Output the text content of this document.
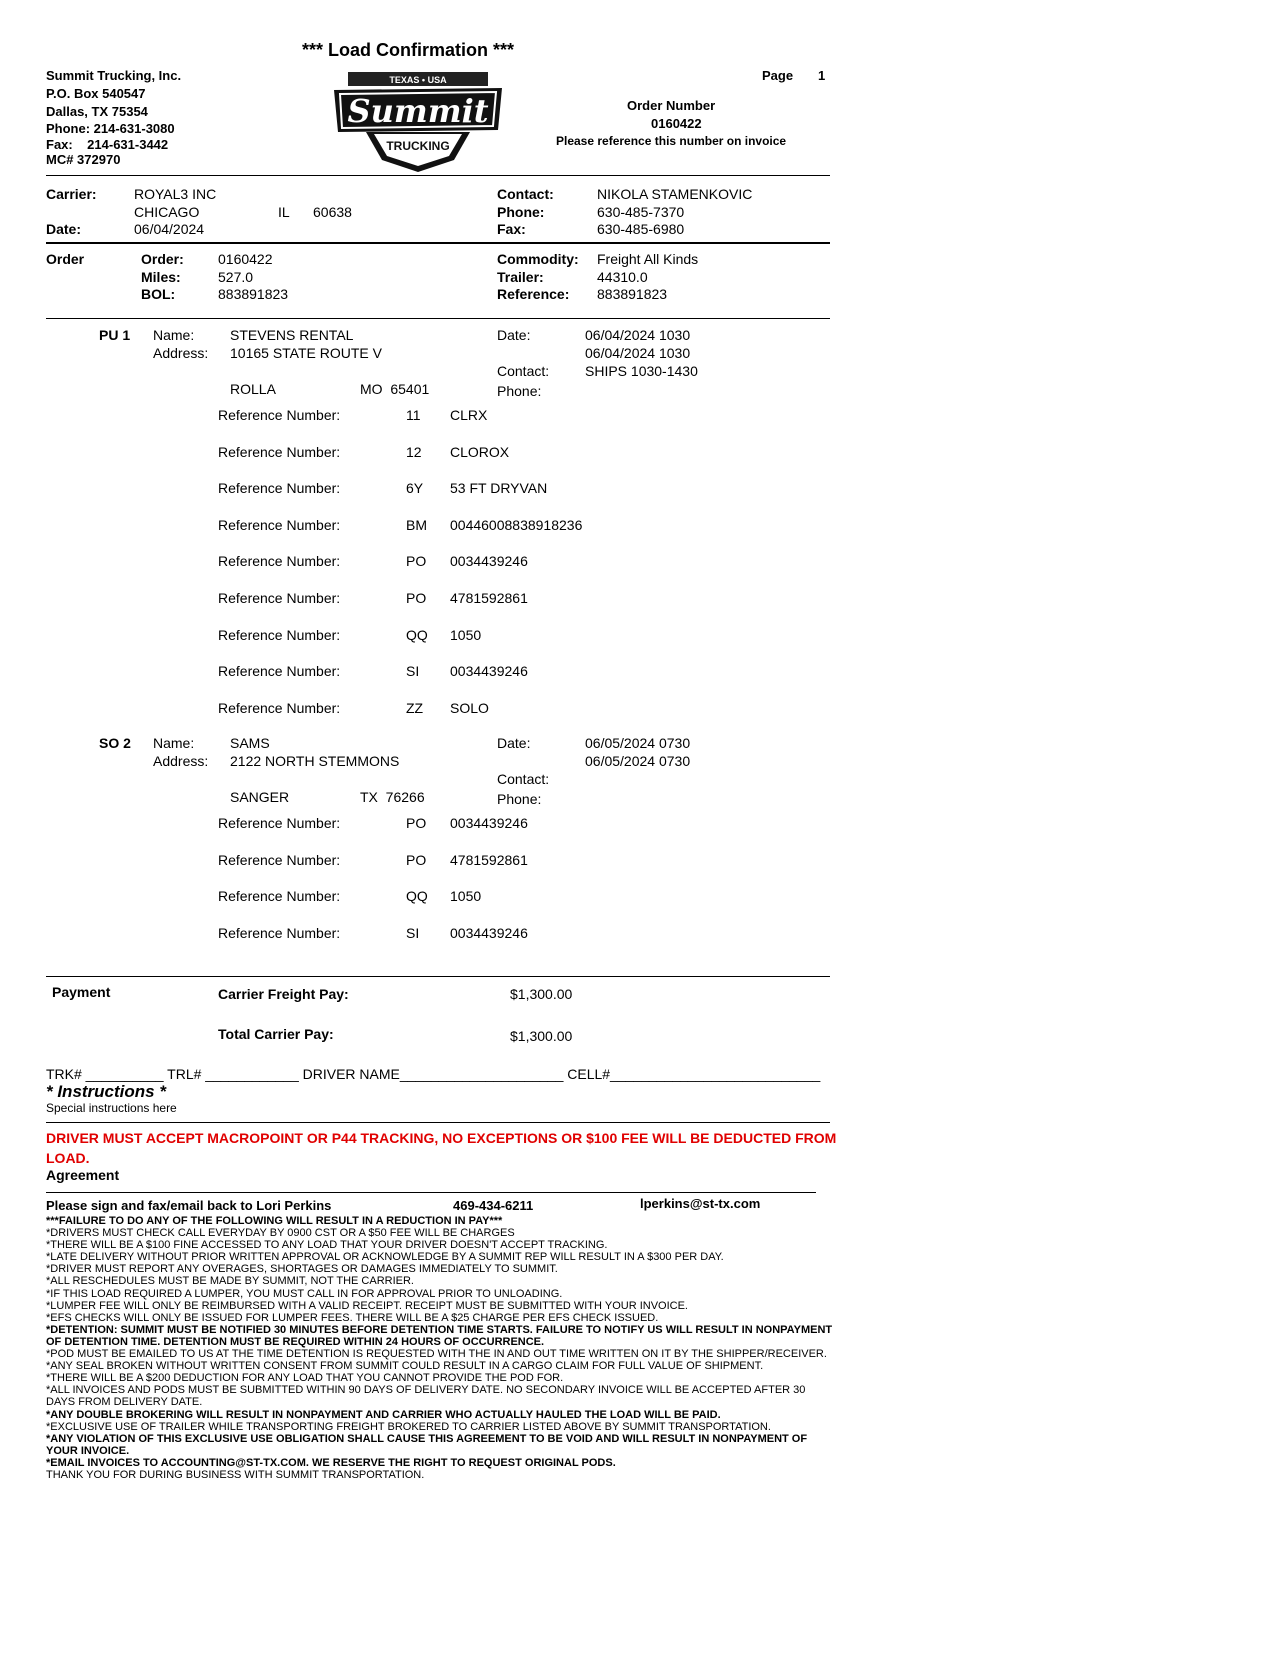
*** Load Confirmation ***
Summit Trucking, Inc.
P.O. Box 540547
Dallas, TX 75354
Phone: 214-631-3080
Fax:    214-631-3442
MC# 372970
TEXAS • USA
Summit
TRUCKING
Page 1
Order Number
0160422
Please reference this number on invoice
Carrier:	ROYAL3 INC
CHICAGO	IL 60638
Date:	06/04/2024
Contact:	NIKOLA STAMENKOVIC
Phone:	630-485-7370
Fax:	630-485-6980
Order	Order: 0160422
Miles:	527.0
BOL:	883891823
Commodity: Freight All Kinds
Trailer:	44310.0
Reference: 883891823
PU 1 Name:	STEVENS RENTAL
Address: 10165 STATE ROUTE V
ROLLA	MO  65401
Date:	06/04/2024 1030
06/04/2024 1030
Contact:	SHIPS 1030-1430
Phone:
Reference Number:	11 CLRX
Reference Number:	12 CLOROX
Reference Number:	6Y 53 FT DRYVAN
Reference Number:	BM 00446008838918236
Reference Number:	PO 0034439246
Reference Number:	PO 4781592861
Reference Number:	QQ 1050
Reference Number:	SI 0034439246
Reference Number:	ZZ SOLO
SO 2 Name:	SAMS
Address: 2122 NORTH STEMMONS
SANGER	TX  76266
Date:	06/05/2024 0730
06/05/2024 0730
Contact:
Phone:
Reference Number:	PO 0034439246
Reference Number:	PO 4781592861
Reference Number:	QQ 1050
Reference Number:	SI 0034439246
Payment	Carrier Freight Pay:	$1,300.00
Total Carrier Pay:	$1,300.00
TRK# __________ TRL# ____________ DRIVER NAME_____________________ CELL#___________________________
* Instructions *
Special instructions here
DRIVER MUST ACCEPT MACROPOINT OR P44 TRACKING, NO EXCEPTIONS OR $100 FEE WILL BE DEDUCTED FROM
LOAD.
Agreement
Please sign and fax/email back to Lori Perkins	469-434-6211	lperkins@st-tx.com
***FAILURE TO DO ANY OF THE FOLLOWING WILL RESULT IN A REDUCTION IN PAY***
*DRIVERS MUST CHECK CALL EVERYDAY BY 0900 CST OR A $50 FEE WILL BE CHARGES
*THERE WILL BE A $100 FINE ACCESSED TO ANY LOAD THAT YOUR DRIVER DOESN'T ACCEPT TRACKING.
*LATE DELIVERY WITHOUT PRIOR WRITTEN APPROVAL OR ACKNOWLEDGE BY A SUMMIT REP WILL RESULT IN A $300 PER DAY.
*DRIVER MUST REPORT ANY OVERAGES, SHORTAGES OR DAMAGES IMMEDIATELY TO SUMMIT.
*ALL RESCHEDULES MUST BE MADE BY SUMMIT, NOT THE CARRIER.
*IF THIS LOAD REQUIRED A LUMPER, YOU MUST CALL IN FOR APPROVAL PRIOR TO UNLOADING.
*LUMPER FEE WILL ONLY BE REIMBURSED WITH A VALID RECEIPT. RECEIPT MUST BE SUBMITTED WITH YOUR INVOICE.
*EFS CHECKS WILL ONLY BE ISSUED FOR LUMPER FEES. THERE WILL BE A $25 CHARGE PER EFS CHECK ISSUED.
*DETENTION: SUMMIT MUST BE NOTIFIED 30 MINUTES BEFORE DETENTION TIME STARTS. FAILURE TO NOTIFY US WILL RESULT IN NONPAYMENT OF DETENTION TIME. DETENTION MUST BE REQUIRED WITHIN 24 HOURS OF OCCURRENCE.
*POD MUST BE EMAILED TO US AT THE TIME DETENTION IS REQUESTED WITH THE IN AND OUT TIME WRITTEN ON IT BY THE SHIPPER/RECEIVER.
*ANY SEAL BROKEN WITHOUT WRITTEN CONSENT FROM SUMMIT COULD RESULT IN A CARGO CLAIM FOR FULL VALUE OF SHIPMENT.
*THERE WILL BE A $200 DEDUCTION FOR ANY LOAD THAT YOU CANNOT PROVIDE THE POD FOR.
*ALL INVOICES AND PODS MUST BE SUBMITTED WITHIN 90 DAYS OF DELIVERY DATE. NO SECONDARY INVOICE WILL BE ACCEPTED AFTER 30 DAYS FROM DELIVERY DATE.
*ANY DOUBLE BROKERING WILL RESULT IN NONPAYMENT AND CARRIER WHO ACTUALLY HAULED THE LOAD WILL BE PAID.
*EXCLUSIVE USE OF TRAILER WHILE TRANSPORTING FREIGHT BROKERED TO CARRIER LISTED ABOVE BY SUMMIT TRANSPORTATION.
*ANY VIOLATION OF THIS EXCLUSIVE USE OBLIGATION SHALL CAUSE THIS AGREEMENT TO BE VOID AND WILL RESULT IN NONPAYMENT OF YOUR INVOICE.
*EMAIL INVOICES TO ACCOUNTING@ST-TX.COM. WE RESERVE THE RIGHT TO REQUEST ORIGINAL PODS.
THANK YOU FOR DURING BUSINESS WITH SUMMIT TRANSPORTATION.
